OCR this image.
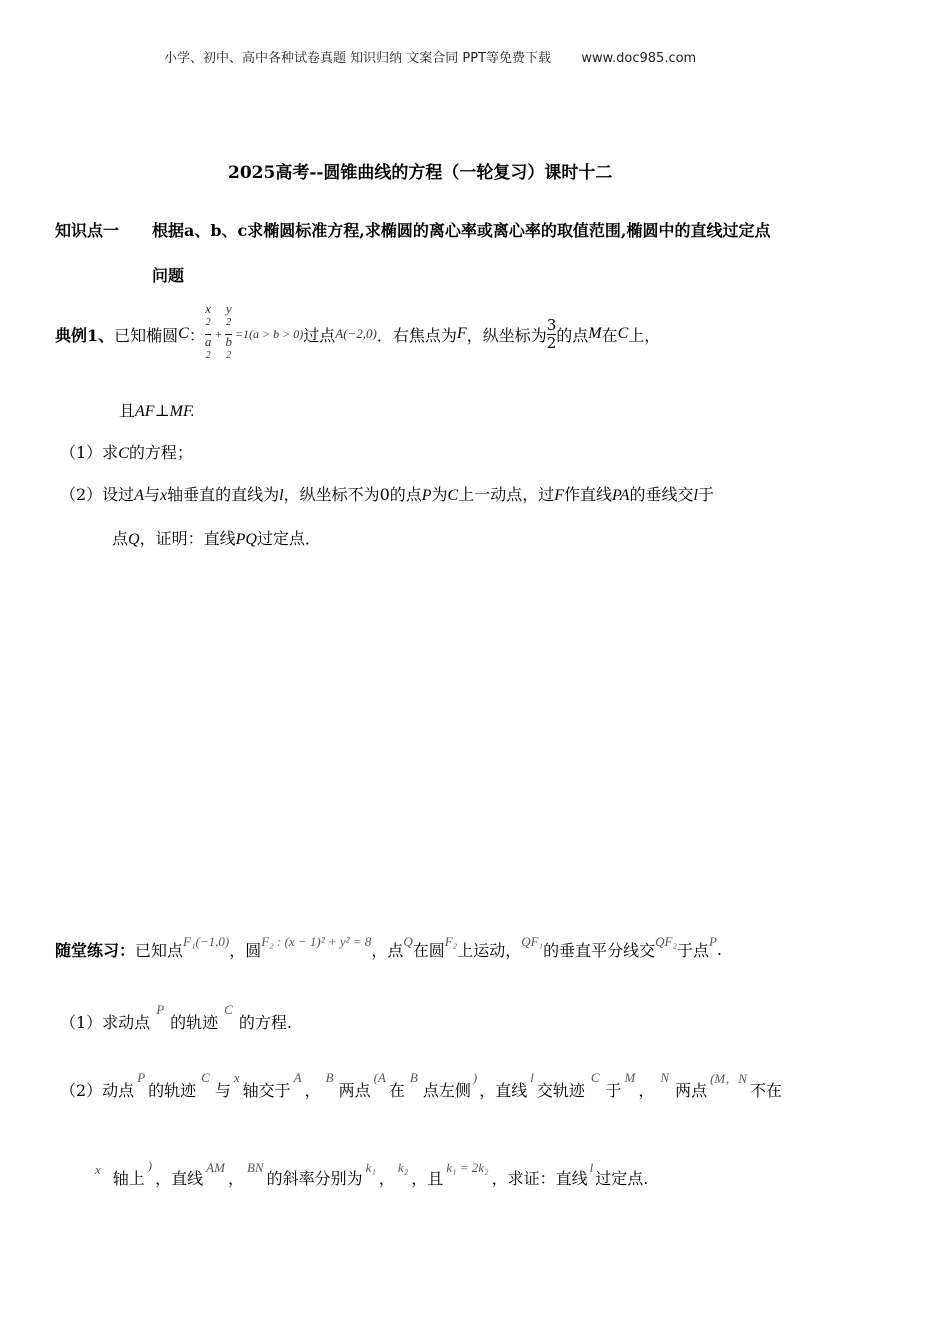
小学、初中、高中各种试卷真题 知识归纳 文案合同 PPT等免费下载 www.doc985.com
2025高考--圆锥曲线的方程（一轮复习）课时十二
知识点一 根据a、b、c求椭圆标准方程,求椭圆的离心率或离心率的取值范围,椭圆中的直线过定点
问题
典例1、 已知椭圆 C ： x
$^2$
a
$^2$ + y
$^2$
b
$^2$ =1(a > b > 0) 过点 A(−2,0) ．右焦点为 F ，纵坐标为 $\frac{3}{2}$ 的点 M 在 C 上，
且AF⊥MF.
（1）求C的方程；
（2）设过A与x轴垂直的直线为l，纵坐标不为0的点P为C上一动点，过F作直线PA的垂线交l于
点Q，证明：直线PQ过定点．
随堂练习： 已知点 F₁(−1,0) ，圆 F₂ : (x − 1)² + y² = 8 ，点 Q 在圆 F₂ 上运动， QF₁ 的垂直平分线交 QF₂ 于点 P .
（1）求动点
P
的轨迹
C
的方程.
（2）动点
P
的轨迹
C
与
x
轴交于
A
，
B
两点
(A
在
B
点左侧
)
，直线
l
交轨迹
C
于
M
，
N
两点
(M，N
不在
x 轴上
)
，直线
AM
，
BN
的斜率分别为
k₁
，
k₂
，且
k₁ = 2k₂
，求证：直线
l
过定点.
